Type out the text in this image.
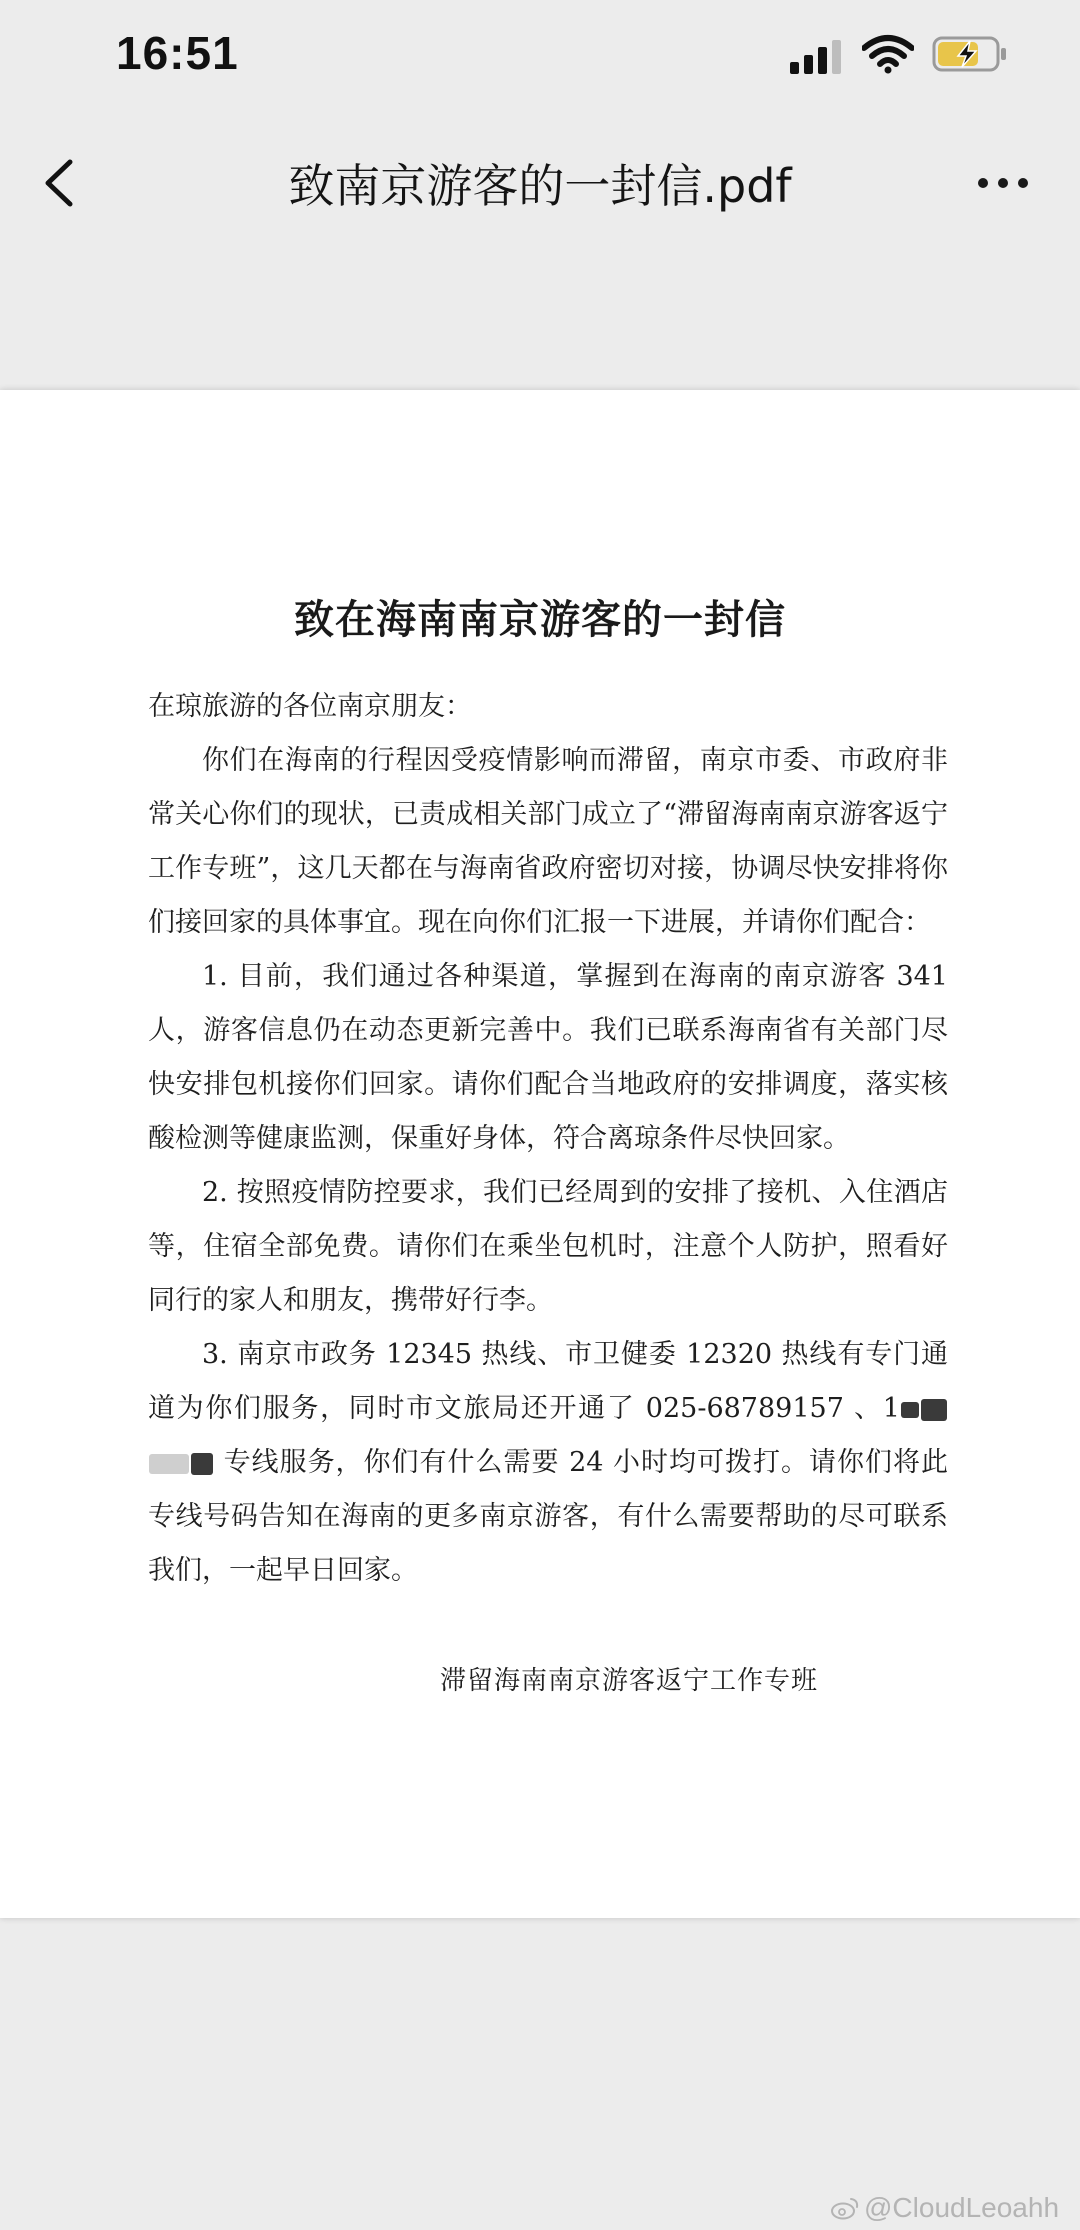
16:51
致南京游客的一封信.pdf
致在海南南京游客的一封信

在琼旅游的各位南京朋友：

你们在海南的行程因受疫情影响而滞留，南京市委、市政府非常关心你们的现状，已责成相关部门成立了“滞留海南南京游客返宁工作专班”，这几天都在与海南省政府密切对接，协调尽快安排将你们接回家的具体事宜。现在向你们汇报一下进展，并请你们配合：

1. 目前，我们通过各种渠道，掌握到在海南的南京游客 341 人，游客信息仍在动态更新完善中。我们已联系海南省有关部门尽快安排包机接你们回家。请你们配合当地政府的安排调度，落实核酸检测等健康监测，保重好身体，符合离琼条件尽快回家。

2. 按照疫情防控要求，我们已经周到的安排了接机、入住酒店等，住宿全部免费。请你们在乘坐包机时，注意个人防护，照看好同行的家人和朋友，携带好行李。

3. 南京市政务 12345 热线、市卫健委 12320 热线有专门通道为你们服务，同时市文旅局还开通了 025-68789157 、1 专线服务，你们有什么需要 24 小时均可拨打。请你们将此专线号码告知在海南的更多南京游客，有什么需要帮助的尽可联系我们，一起早日回家。

滞留海南南京游客返宁工作专班
@CloudLeoahh
